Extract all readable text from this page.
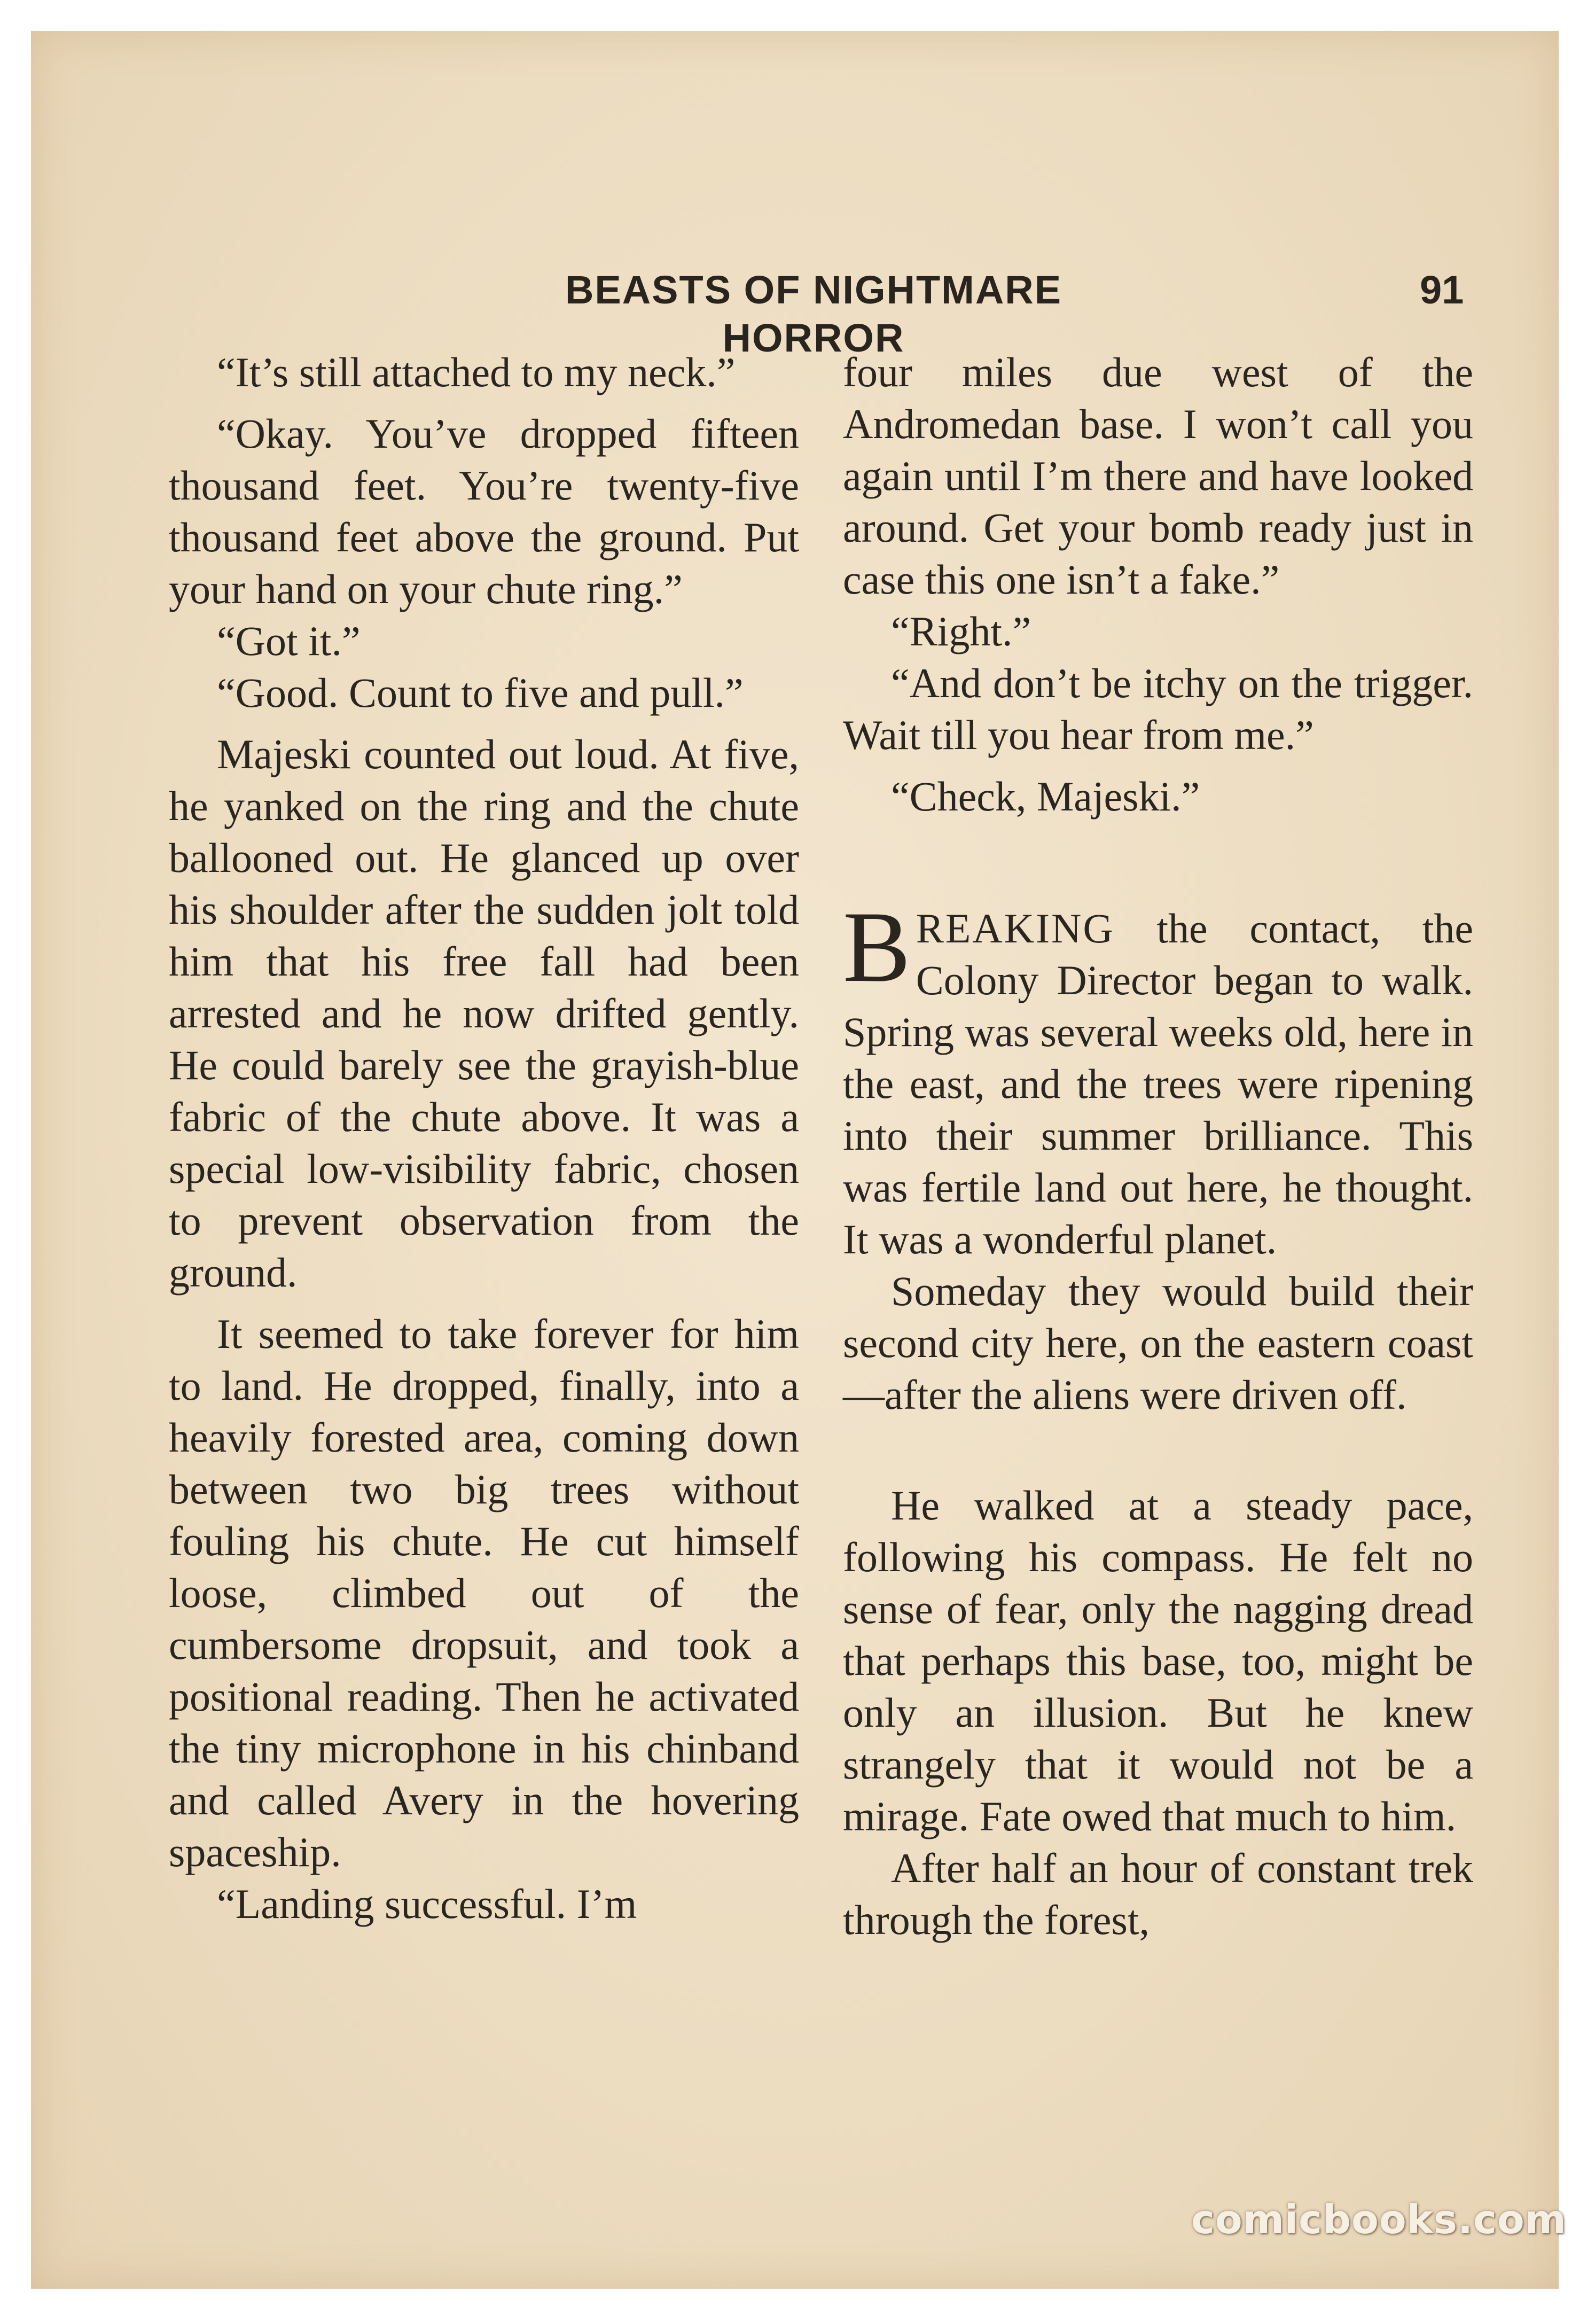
BEASTS OF NIGHTMARE HORROR
91

“It’s still attached to my neck.”

“Okay. You’ve dropped fifteen thousand feet. You’re twenty-five thousand feet above the ground. Put your hand on your chute ring.”

“Got it.”

“Good. Count to five and pull.”

Majeski counted out loud. At five, he yanked on the ring and the chute ballooned out. He glanced up over his shoulder after the sudden jolt told him that his free fall had been arrested and he now drifted gently. He could barely see the grayish-blue fabric of the chute above. It was a special low-visibility fabric, chosen to prevent observation from the ground.

It seemed to take forever for him to land. He dropped, finally, into a heavily forested area, coming down between two big trees without fouling his chute. He cut himself loose, climbed out of the cumbersome dropsuit, and took a positional reading. Then he activated the tiny microphone in his chinband and called Avery in the hovering spaceship.

“Landing successful. I’m

four miles due west of the Andromedan base. I won’t call you again until I’m there and have looked around. Get your bomb ready just in case this one isn’t a fake.”

“Right.”

“And don’t be itchy on the trigger. Wait till you hear from me.”

“Check, Majeski.”

BREAKING the contact, the Colony Director began to walk. Spring was several weeks old, here in the east, and the trees were ripening into their summer brilliance. This was fertile land out here, he thought. It was a wonderful planet.

Someday they would build their second city here, on the eastern coast—after the aliens were driven off.

He walked at a steady pace, following his compass. He felt no sense of fear, only the nagging dread that perhaps this base, too, might be only an illusion. But he knew strangely that it would not be a mirage. Fate owed that much to him.

After half an hour of constant trek through the forest,

comicbooks.com
